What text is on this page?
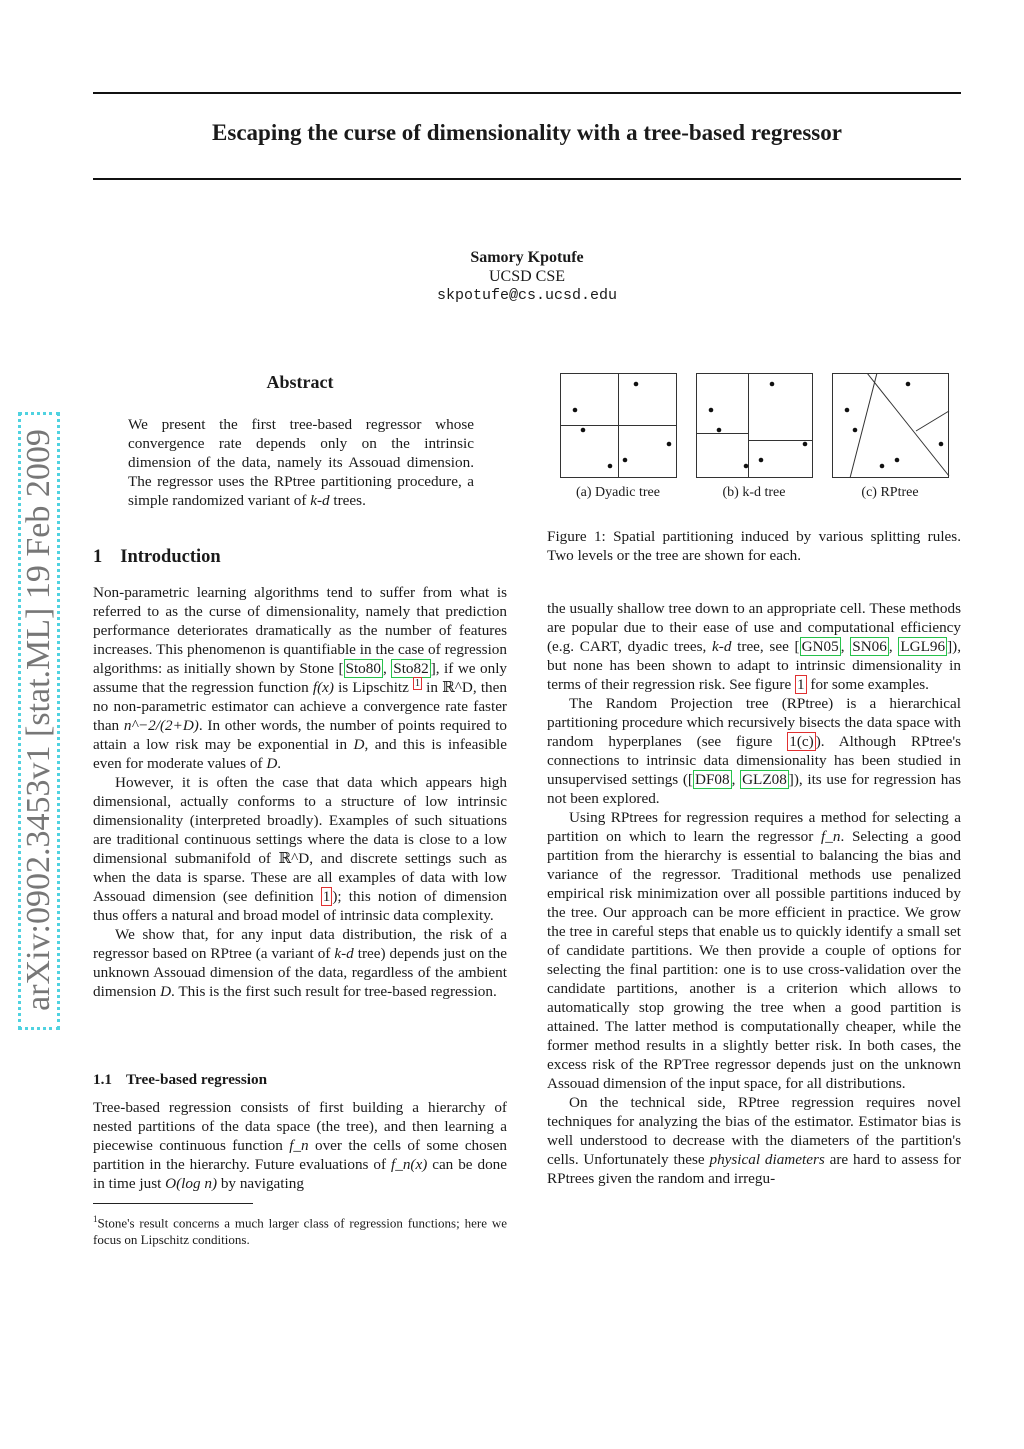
Escaping the curse of dimensionality with a tree-based regressor
Samory Kpotufe
UCSD CSE
skpotufe@cs.ucsd.edu
arXiv:0902.3453v1 [stat.ML] 19 Feb 2009
Abstract
We present the first tree-based regressor whose convergence rate depends only on the intrinsic dimension of the data, namely its Assouad dimension. The regressor uses the RPtree partitioning procedure, a simple randomized variant of k-d trees.
1 Introduction

Non-parametric learning algorithms tend to suffer from what is referred to as the curse of dimensionality, namely that prediction performance deteriorates dramatically as the number of features increases. This phenomenon is quantifiable in the case of regression algorithms: as initially shown by Stone [ Sto80 , Sto82 ], if we only assume that the regression function f(x) is Lipschitz $^1$ in ℝ^D, then no non-parametric estimator can achieve a convergence rate faster than n^−2/(2+D). In other words, the number of points required to attain a low risk may be exponential in D, and this is infeasible even for moderate values of D.

However, it is often the case that data which appears high dimensional, actually conforms to a structure of low intrinsic dimensionality (interpreted broadly). Examples of such situations are traditional continuous settings where the data is close to a low dimensional submanifold of ℝ^D, and discrete settings such as when the data is sparse. These are all examples of data with low Assouad dimension (see definition 1 ); this notion of dimension thus offers a natural and broad model of intrinsic data complexity.

We show that, for any input data distribution, the risk of a regressor based on RPtree (a variant of k-d tree) depends just on the unknown Assouad dimension of the data, regardless of the ambient dimension D. This is the first such result for tree-based regression.

1.1 Tree-based regression

Tree-based regression consists of first building a hierarchy of nested partitions of the data space (the tree), and then learning a piecewise continuous function f_n over the cells of some chosen partition in the hierarchy. Future evaluations of f_n(x) can be done in time just O(log n) by navigating

$^1$Stone's result concerns a much larger class of regression functions; here we focus on Lipschitz conditions.
(a) Dyadic tree	(b) k-d tree	(c) RPtree
Figure 1: Spatial partitioning induced by various splitting rules. Two levels or the tree are shown for each.

the usually shallow tree down to an appropriate cell. These methods are popular due to their ease of use and computational efficiency (e.g. CART, dyadic trees, k-d tree, see [ GN05 , SN06 , LGL96 ]), but none has been shown to adapt to intrinsic dimensionality in terms of their regression risk. See figure 1 for some examples.

The Random Projection tree (RPtree) is a hierarchical partitioning procedure which recursively bisects the data space with random hyperplanes (see figure 1(c) ). Although RPtree's connections to intrinsic data dimensionality has been studied in unsupervised settings ([ DF08 , GLZ08 ]), its use for regression has not been explored.

Using RPtrees for regression requires a method for selecting a partition on which to learn the regressor f_n. Selecting a good partition from the hierarchy is essential to balancing the bias and variance of the regressor. Traditional methods use penalized empirical risk minimization over all possible partitions induced by the tree. Our approach can be more efficient in practice. We grow the tree in careful steps that enable us to quickly identify a small set of candidate partitions. We then provide a couple of options for selecting the final partition: one is to use cross-validation over the candidate partitions, another is a criterion which allows to automatically stop growing the tree when a good partition is attained. The latter method is computationally cheaper, while the former method results in a slightly better risk. In both cases, the excess risk of the RPTree regressor depends just on the unknown Assouad dimension of the input space, for all distributions.

On the technical side, RPtree regression requires novel techniques for analyzing the bias of the estimator. Estimator bias is well understood to decrease with the diameters of the partition's cells. Unfortunately these physical diameters are hard to assess for RPtrees given the random and irregu-
